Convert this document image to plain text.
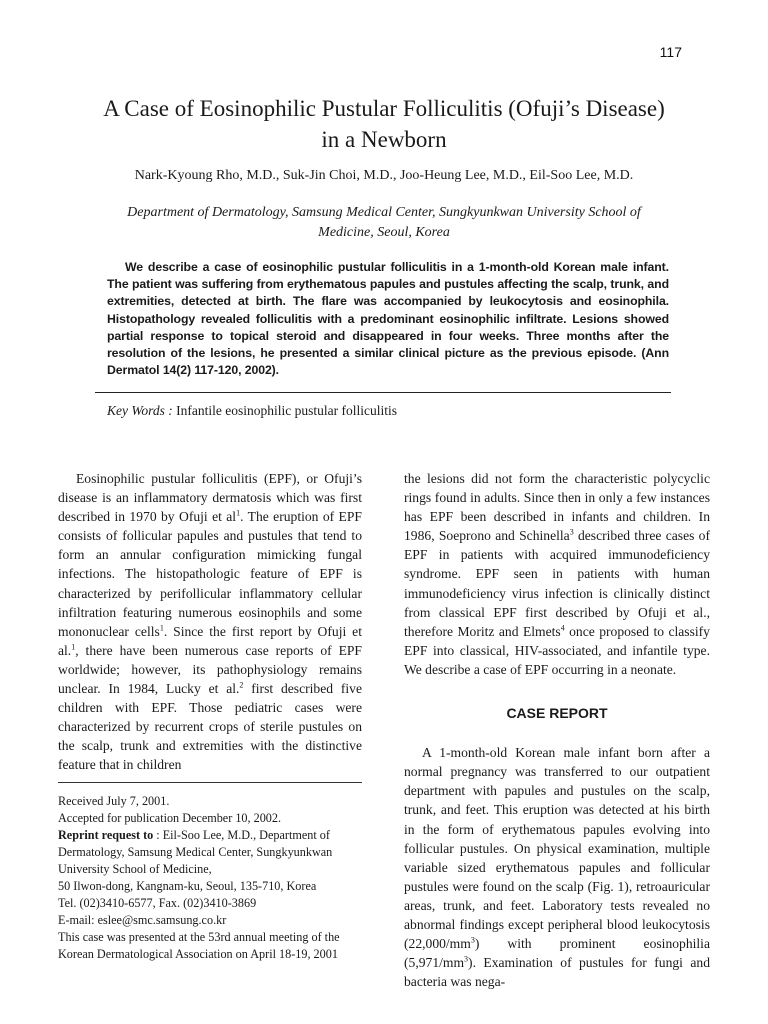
117
A Case of Eosinophilic Pustular Folliculitis (Ofuji’s Disease)
in a Newborn
Nark-Kyoung Rho, M.D., Suk-Jin Choi, M.D., Joo-Heung Lee, M.D., Eil-Soo Lee, M.D.
Department of Dermatology, Samsung Medical Center, Sungkyunkwan University School of Medicine, Seoul, Korea

We describe a case of eosinophilic pustular folliculitis in a 1-month-old Korean male infant. The patient was suffering from erythematous papules and pustules affecting the scalp, trunk, and extremities, detected at birth. The flare was accompanied by leukocytosis and eosinophila. Histopathology revealed folliculitis with a predominant eosinophilic infiltrate. Lesions showed partial response to topical steroid and disappeared in four weeks. Three months after the resolution of the lesions, he presented a similar clinical picture as the previous episode. (Ann Dermatol 14(2) 117-120, 2002).

Key Words : Infantile eosinophilic pustular folliculitis

Eosinophilic pustular folliculitis (EPF), or Ofuji’s disease is an inflammatory dermatosis which was first described in 1970 by Ofuji et $al^1$. The eruption of EPF consists of follicular papules and pustules that tend to form an annular configuration mimicking fungal infections. The histopathologic feature of EPF is characterized by perifollicular inflammatory cellular infiltration featuring numerous eosinophils and some mononuclear cells$^1$. Since the first report by Ofuji et al.$^1$, there have been numerous case reports of EPF worldwide; however, its pathophysiology remains unclear. In 1984, Lucky et al.$^2$ first described five children with EPF. Those pediatric cases were characterized by recurrent crops of sterile pustules on the scalp, trunk and extremities with the distinctive feature that in children

Received July 7, 2001.
Accepted for publication December 10, 2002.
Reprint request to : Eil-Soo Lee, M.D., Department of Dermatology, Samsung Medical Center, Sungkyunkwan University School of Medicine,
50 Ilwon-dong, Kangnam-ku, Seoul, 135-710, Korea
Tel. (02)3410-6577, Fax. (02)3410-3869
E-mail: eslee@smc.samsung.co.kr
This case was presented at the 53rd annual meeting of the Korean Dermatological Association on April 18-19, 2001

the lesions did not form the characteristic polycyclic rings found in adults. Since then in only a few instances has EPF been described in infants and children. In 1986, Soeprono and Schinella$^3$ described three cases of EPF in patients with acquired immunodeficiency syndrome. EPF seen in patients with human immunodeficiency virus infection is clinically distinct from classical EPF first described by Ofuji et al., therefore Moritz and Elmets$^4$ once proposed to classify EPF into classical, HIV-associated, and infantile type. We describe a case of EPF occurring in a neonate.

CASE REPORT

A 1-month-old Korean male infant born after a normal pregnancy was transferred to our outpatient department with papules and pustules on the scalp, trunk, and feet. This eruption was detected at his birth in the form of erythematous papules evolving into follicular pustules. On physical examination, multiple variable sized erythematous papules and follicular pustules were found on the scalp (Fig. 1), retroauricular areas, trunk, and feet. Laboratory tests revealed no abnormal findings except peripheral blood leukocytosis $(22,000/mm^3)$ with prominent eosinophilia $(5,971/mm^3)$. Examination of pustules for fungi and bacteria was nega-
